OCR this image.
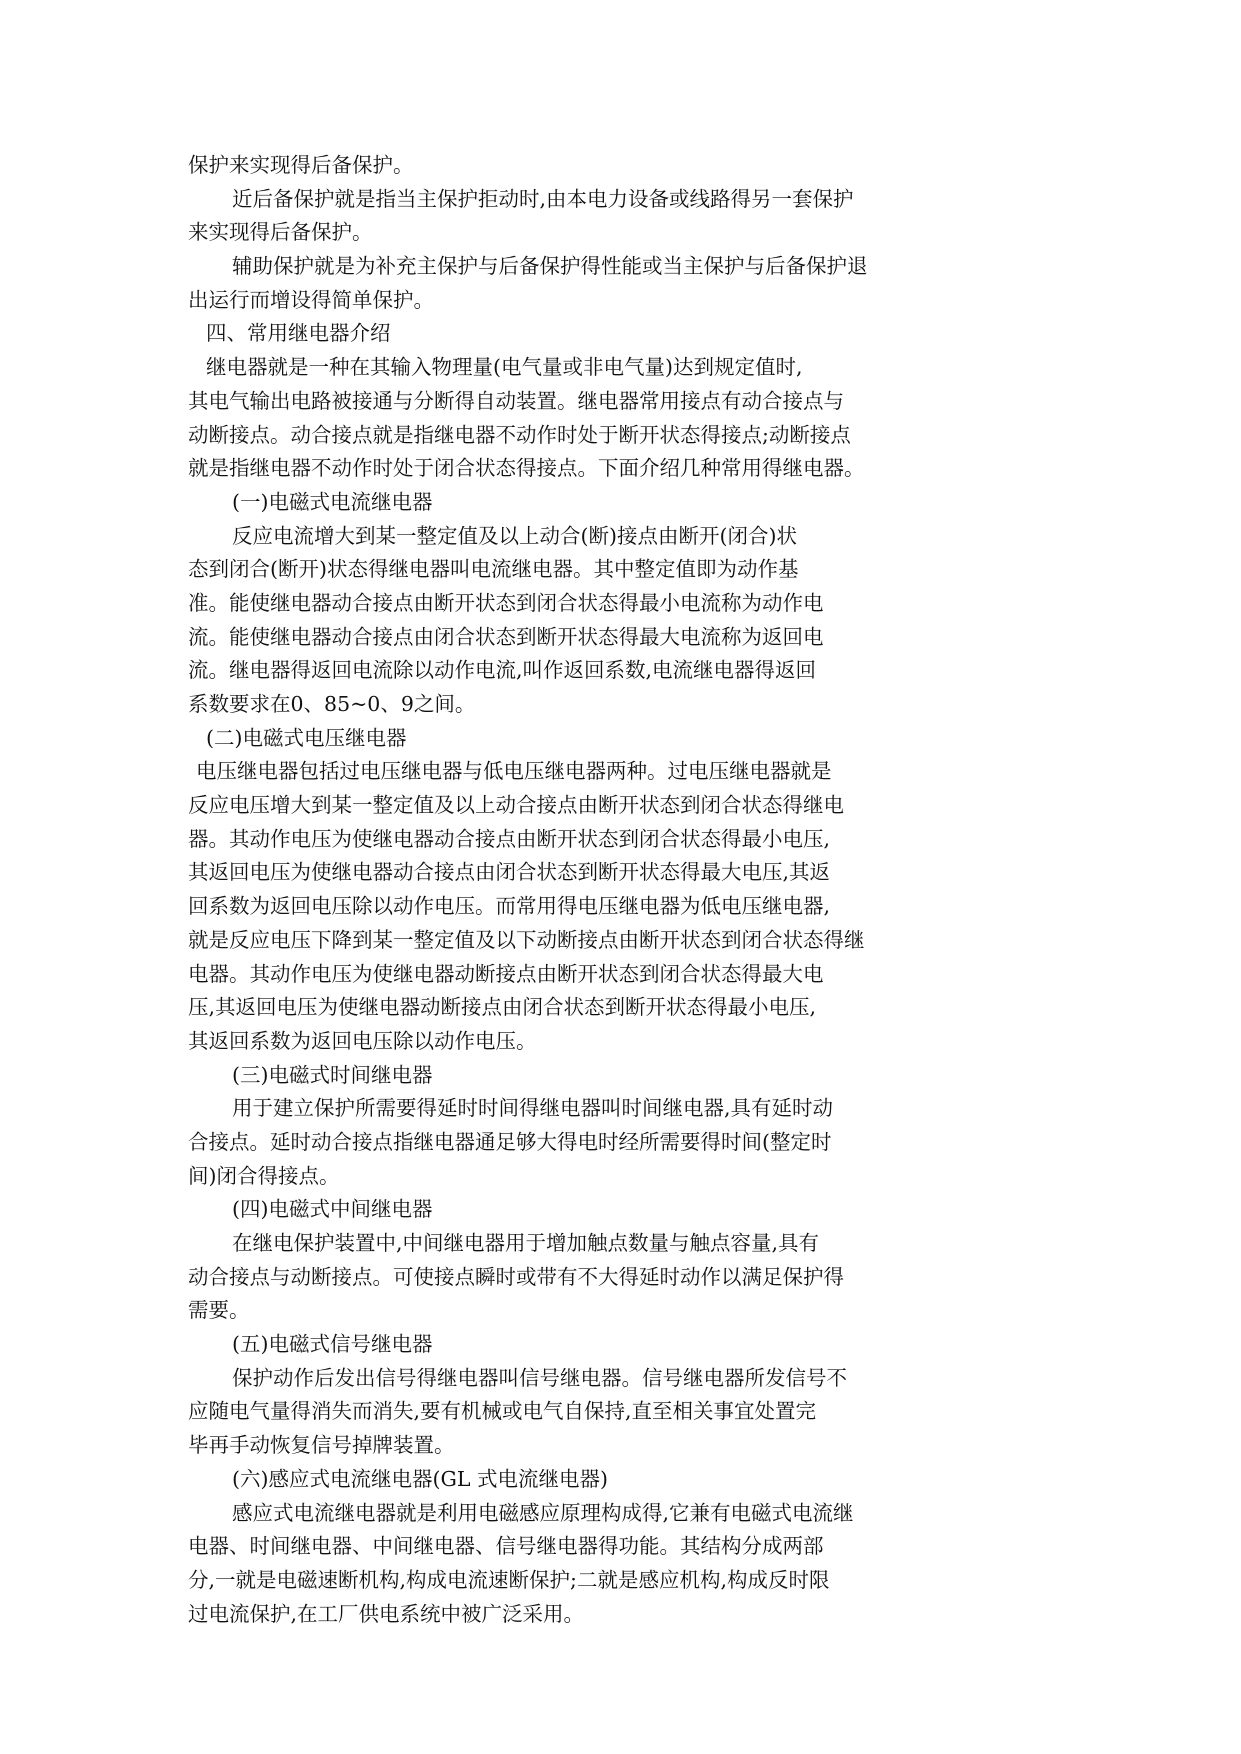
保护来实现得后备保护。
近后备保护就是指当主保护拒动时,由本电力设备或线路得另一套保护
来实现得后备保护。
辅助保护就是为补充主保护与后备保护得性能或当主保护与后备保护退
出运行而增设得简单保护。
四、常用继电器介绍
继电器就是一种在其输入物理量(电气量或非电气量)达到规定值时,
其电气输出电路被接通与分断得自动装置。继电器常用接点有动合接点与
动断接点。动合接点就是指继电器不动作时处于断开状态得接点;动断接点
就是指继电器不动作时处于闭合状态得接点。下面介绍几种常用得继电器。
(一)电磁式电流继电器
反应电流增大到某一整定值及以上动合(断)接点由断开(闭合)状
态到闭合(断开)状态得继电器叫电流继电器。其中整定值即为动作基
准。能使继电器动合接点由断开状态到闭合状态得最小电流称为动作电
流。能使继电器动合接点由闭合状态到断开状态得最大电流称为返回电
流。继电器得返回电流除以动作电流,叫作返回系数,电流继电器得返回
系数要求在0、85~0、9之间。
(二)电磁式电压继电器
电压继电器包括过电压继电器与低电压继电器两种。过电压继电器就是
反应电压增大到某一整定值及以上动合接点由断开状态到闭合状态得继电
器。其动作电压为使继电器动合接点由断开状态到闭合状态得最小电压,
其返回电压为使继电器动合接点由闭合状态到断开状态得最大电压,其返
回系数为返回电压除以动作电压。而常用得电压继电器为低电压继电器,
就是反应电压下降到某一整定值及以下动断接点由断开状态到闭合状态得继
电器。其动作电压为使继电器动断接点由断开状态到闭合状态得最大电
压,其返回电压为使继电器动断接点由闭合状态到断开状态得最小电压,
其返回系数为返回电压除以动作电压。
(三)电磁式时间继电器
用于建立保护所需要得延时时间得继电器叫时间继电器,具有延时动
合接点。延时动合接点指继电器通足够大得电时经所需要得时间(整定时
间)闭合得接点。
(四)电磁式中间继电器
在继电保护装置中,中间继电器用于增加触点数量与触点容量,具有
动合接点与动断接点。可使接点瞬时或带有不大得延时动作以满足保护得
需要。
(五)电磁式信号继电器
保护动作后发出信号得继电器叫信号继电器。信号继电器所发信号不
应随电气量得消失而消失,要有机械或电气自保持,直至相关事宜处置完
毕再手动恢复信号掉牌装置。
(六)感应式电流继电器(GL 式电流继电器)
感应式电流继电器就是利用电磁感应原理构成得,它兼有电磁式电流继
电器、时间继电器、中间继电器、信号继电器得功能。其结构分成两部
分,一就是电磁速断机构,构成电流速断保护;二就是感应机构,构成反时限
过电流保护,在工厂供电系统中被广泛采用。
